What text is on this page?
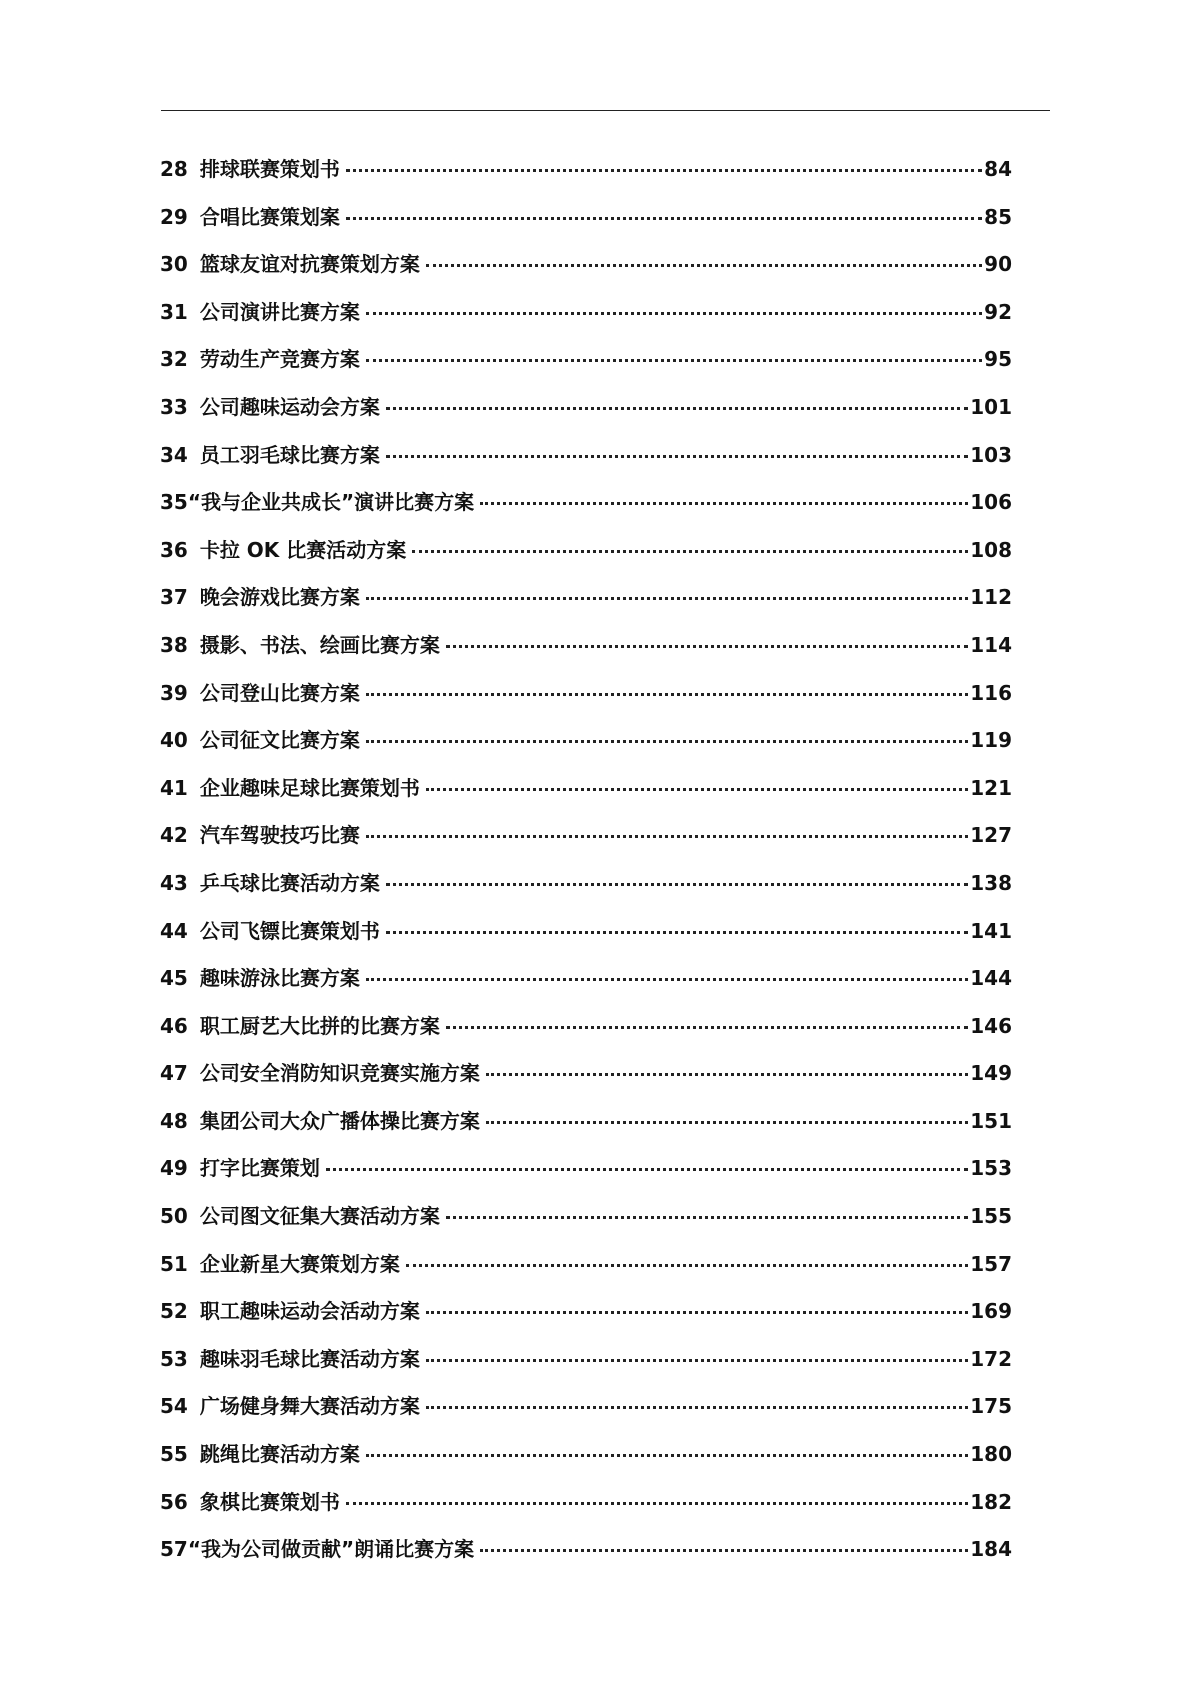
28 排球联赛策划书	84
29 合唱比赛策划案	85
30 篮球友谊对抗赛策划方案	90
31 公司演讲比赛方案	92
32 劳动生产竞赛方案	95
33 公司趣味运动会方案	101
34 员工羽毛球比赛方案	103
35 “我与企业共成长”演讲比赛方案	106
36 卡拉 OK 比赛活动方案	108
37 晚会游戏比赛方案	112
38 摄影、书法、绘画比赛方案	114
39 公司登山比赛方案	116
40 公司征文比赛方案	119
41 企业趣味足球比赛策划书	121
42 汽车驾驶技巧比赛	127
43 乒乓球比赛活动方案	138
44 公司飞镖比赛策划书	141
45 趣味游泳比赛方案	144
46 职工厨艺大比拼的比赛方案	146
47 公司安全消防知识竞赛实施方案	149
48 集团公司大众广播体操比赛方案	151
49 打字比赛策划	153
50 公司图文征集大赛活动方案	155
51 企业新星大赛策划方案	157
52 职工趣味运动会活动方案	169
53 趣味羽毛球比赛活动方案	172
54 广场健身舞大赛活动方案	175
55 跳绳比赛活动方案	180
56 象棋比赛策划书	182
57 “我为公司做贡献”朗诵比赛方案	184
